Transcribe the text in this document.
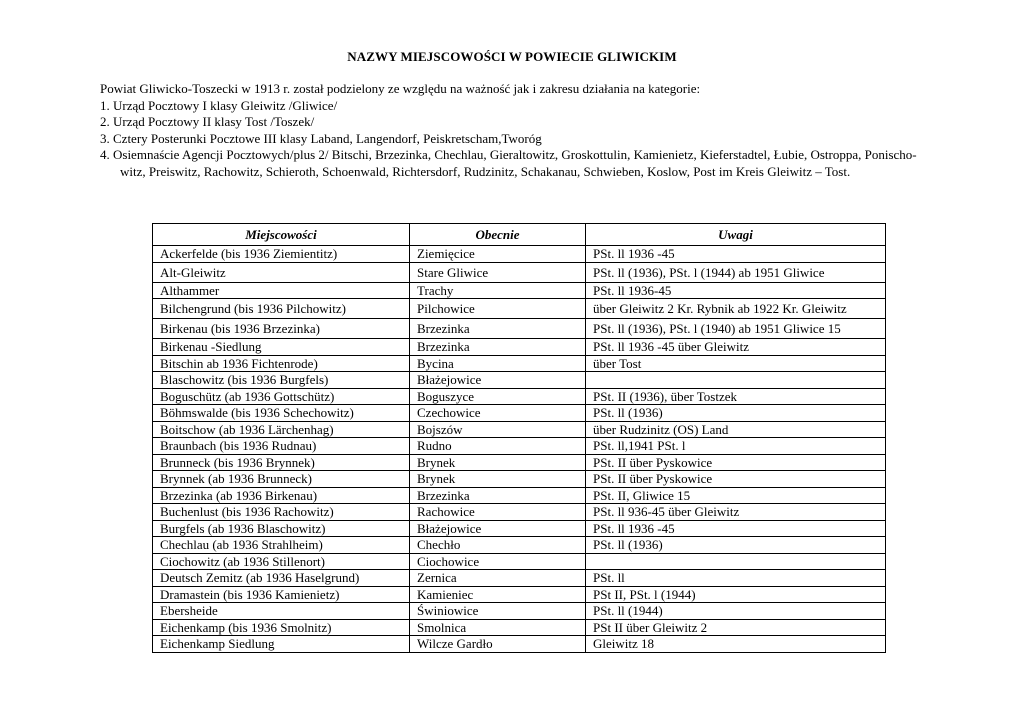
NAZWY MIEJSCOWOŚCI W POWIECIE GLIWICKIM

Powiat Gliwicko-Toszecki w 1913 r. został podzielony ze względu na ważność jak i zakresu działania na kategorie:

1. Urząd Pocztowy I klasy Gleiwitz /Gliwice/

2. Urząd Pocztowy II klasy Tost /Toszek/

3. Cztery Posterunki Pocztowe III klasy Laband, Langendorf, Peiskretscham,Tworóg

4. Osiemnaście Agencji Pocztowych/plus 2/ Bitschi, Brzezinka, Chechlau, Gieraltowitz, Groskottulin, Kamienietz, Kieferstadtel, Łubie, Ostroppa, Ponischo-

witz, Preiswitz, Rachowitz, Schieroth, Schoenwald, Richtersdorf, Rudzinitz, Schakanau, Schwieben, Koslow, Post im Kreis Gleiwitz – Tost.

Miejscowości	Obecnie	Uwagi
Ackerfelde (bis 1936 Ziemientitz)	Ziemięcice	PSt. ll 1936 -45
Alt-Gleiwitz	Stare Gliwice	PSt. ll (1936), PSt. l (1944) ab 1951 Gliwice
Althammer	Trachy	PSt. ll 1936-45
Bilchengrund (bis 1936 Pilchowitz)	Pilchowice	über Gleiwitz 2 Kr. Rybnik ab 1922 Kr. Gleiwitz
Birkenau (bis 1936 Brzezinka)	Brzezinka	PSt. ll (1936), PSt. l (1940) ab 1951 Gliwice 15
Birkenau -Siedlung	Brzezinka	PSt. ll 1936 -45 über Gleiwitz
Bitschin ab 1936 Fichtenrode)	Bycina	über Tost
Blaschowitz (bis 1936 Burgfels)	Błażejowice	
Boguschütz (ab 1936 Gottschütz)	Boguszyce	PSt. II (1936), über Tostzek
Böhmswalde (bis 1936 Schechowitz)	Czechowice	PSt. ll (1936)
Boitschow (ab 1936 Lärchenhag)	Bojszów	über Rudzinitz (OS) Land
Braunbach (bis 1936 Rudnau)	Rudno	PSt. ll,1941 PSt. l
Brunneck (bis 1936 Brynnek)	Brynek	PSt. II über Pyskowice
Brynnek (ab 1936 Brunneck)	Brynek	PSt. II über Pyskowice
Brzezinka (ab 1936 Birkenau)	Brzezinka	PSt. II, Gliwice 15
Buchenlust (bis 1936 Rachowitz)	Rachowice	PSt. ll 936-45 über Gleiwitz
Burgfels (ab 1936 Blaschowitz)	Błażejowice	PSt. ll 1936 -45
Chechlau (ab 1936 Strahlheim)	Chechło	PSt. ll (1936)
Ciochowitz (ab 1936 Stillenort)	Ciochowice	
Deutsch Zemitz (ab 1936 Haselgrund)	Zernica	PSt. ll
Dramastein (bis 1936 Kamienietz)	Kamieniec	PSt II, PSt. l (1944)
Ebersheide	Świniowice	PSt. ll (1944)
Eichenkamp (bis 1936 Smolnitz)	Smolnica	PSt II über Gleiwitz 2
Eichenkamp Siedlung	Wilcze Gardło	Gleiwitz 18
